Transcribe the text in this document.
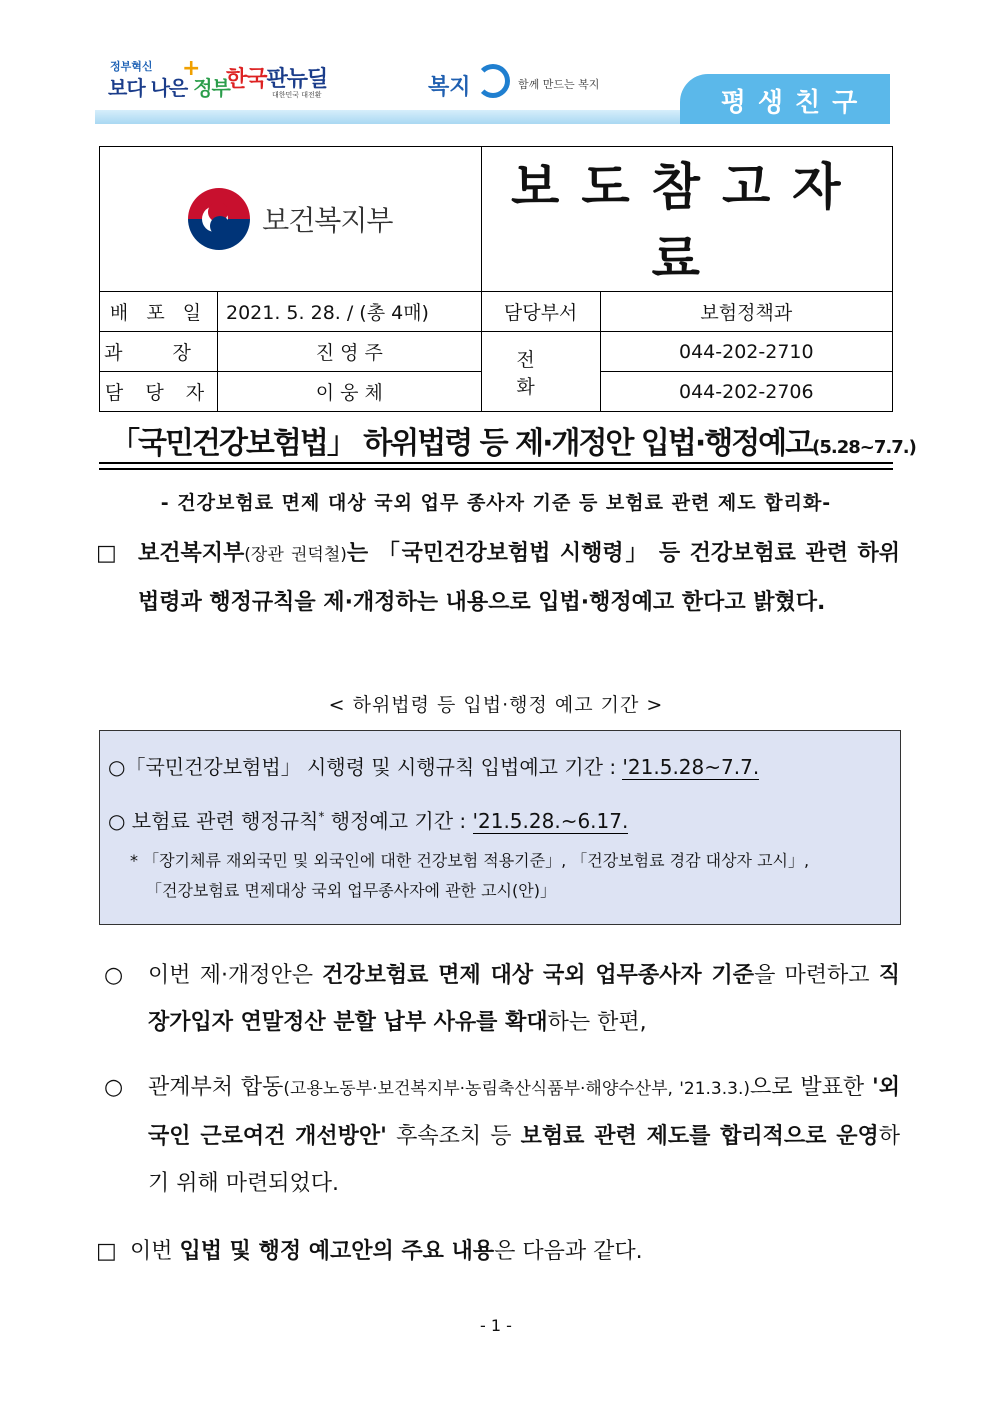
정부혁신
보다 나은 정부
+ 한국판뉴딜
대한민국 대전환	복지	함께 만드는 복지
평생친구
보건복지부		보도참고자료	
배 포 일	2021. 5. 28. / (총 4매)	담당부서	보험정책과
과 장	진 영 주	전 화	044-202-2710
담 당 자	이 웅 체		044-202-2706
「국민건강보험법」 하위법령 등 제·개정안 입법·행정예고(5.28~7.7.)
- 건강보험료 면제 대상 국외 업무 종사자 기준 등 보험료 관련 제도 합리화-
□ 보건복지부(장관 권덕철)는 「국민건강보험법 시행령」 등 건강보험료 관련 하위법령과 행정규칙을 제·개정하는 내용으로 입법·행정예고 한다고 밝혔다.
< 하위법령 등 입법·행정 예고 기간 >
○「국민건강보험법」 시행령 및 시행규칙 입법예고 기간 : '21.5.28~7.7.
○ 보험료 관련 행정규칙* 행정예고 기간 : '21.5.28.~6.17.
* 「장기체류 재외국민 및 외국인에 대한 건강보험 적용기준」, 「건강보험료 경감 대상자 고시」,
「건강보험료 면제대상 국외 업무종사자에 관한 고시(안)」
○	이번 제·개정안은 건강보험료 면제 대상 국외 업무종사자 기준을 마련하고 직장가입자 연말정산 분할 납부 사유를 확대하는 한편,
○	관계부처 합동(고용노동부·보건복지부·농림축산식품부·해양수산부, '21.3.3.)으로 발표한 '외국인 근로여건 개선방안' 후속조치 등 보험료 관련 제도를 합리적으로 운영하기 위해 마련되었다.
□ 이번 입법 및 행정 예고안의 주요 내용은 다음과 같다.
- 1 -
